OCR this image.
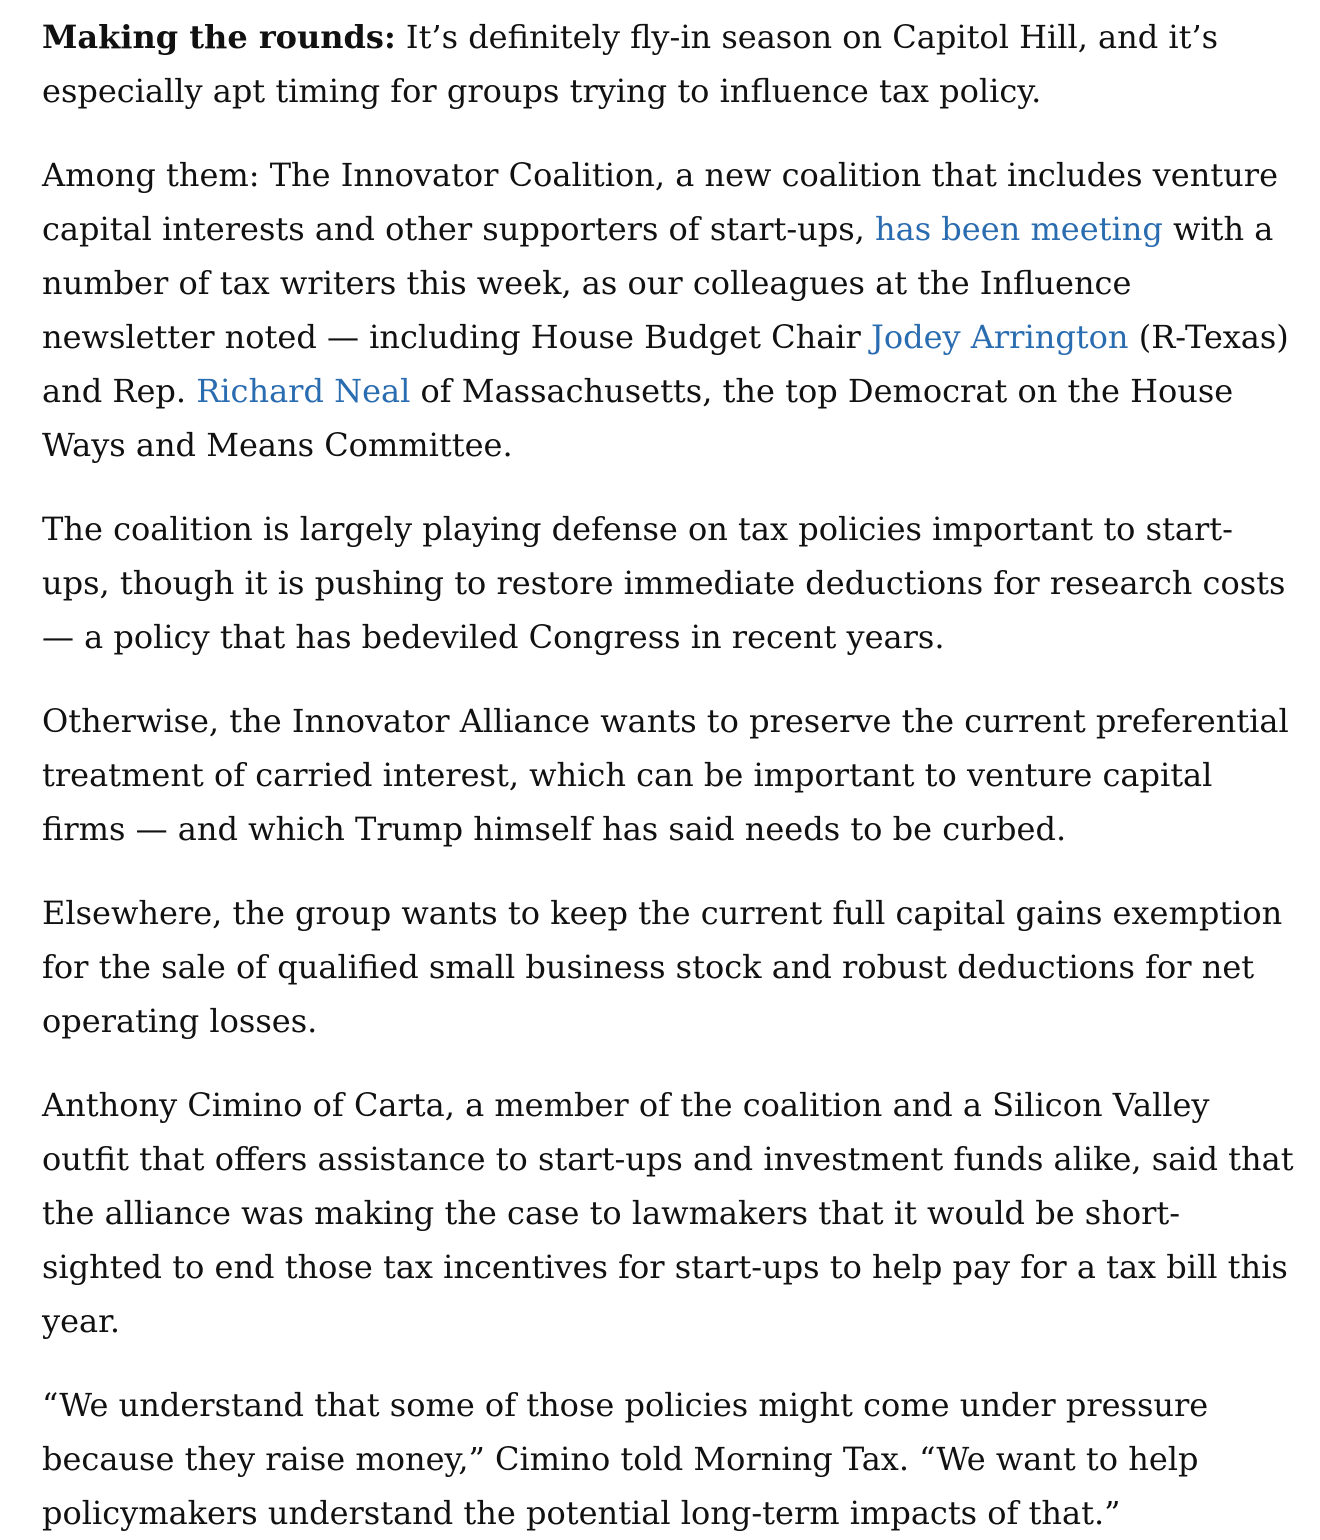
Making the rounds: It’s definitely fly-in season on Capitol Hill, and it’s especially apt timing for groups trying to influence tax policy.

Among them: The Innovator Coalition, a new coalition that includes venture capital interests and other supporters of start-ups, has been meeting with a number of tax writers this week, as our colleagues at the Influence newsletter noted — including House Budget Chair Jodey Arrington (R-Texas) and Rep. Richard Neal of Massachusetts, the top Democrat on the House Ways and Means Committee.

The coalition is largely playing defense on tax policies important to start-ups, though it is pushing to restore immediate deductions for research costs — a policy that has bedeviled Congress in recent years.

Otherwise, the Innovator Alliance wants to preserve the current preferential treatment of carried interest, which can be important to venture capital firms — and which Trump himself has said needs to be curbed.

Elsewhere, the group wants to keep the current full capital gains exemption for the sale of qualified small business stock and robust deductions for net operating losses.

Anthony Cimino of Carta, a member of the coalition and a Silicon Valley outfit that offers assistance to start-ups and investment funds alike, said that the alliance was making the case to lawmakers that it would be short-sighted to end those tax incentives for start-ups to help pay for a tax bill this year.

“We understand that some of those policies might come under pressure because they raise money,” Cimino told Morning Tax. “We want to help policymakers understand the potential long-term impacts of that.”
